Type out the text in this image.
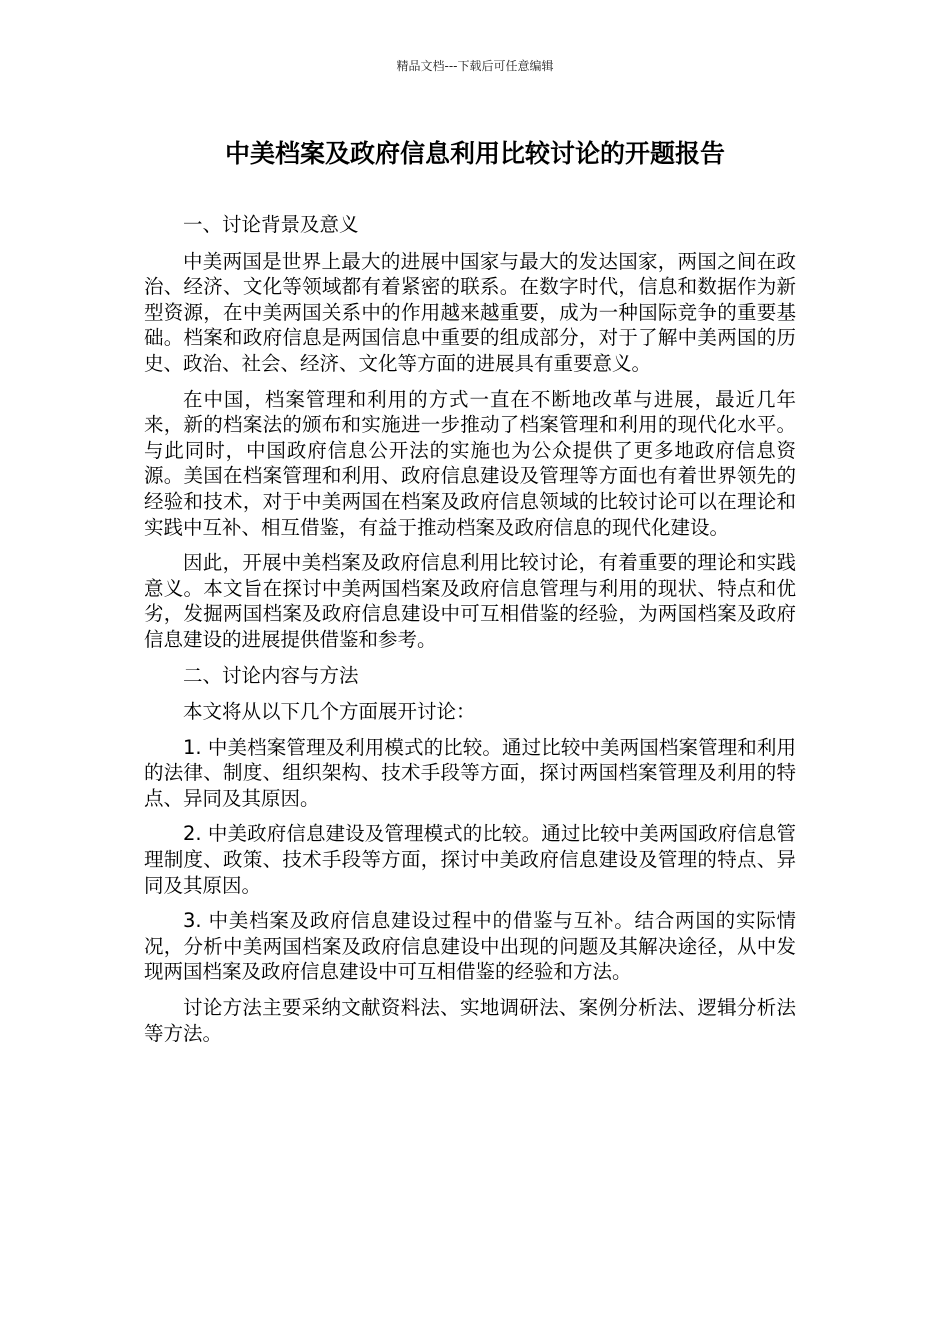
精品文档---下载后可任意编辑
中美档案及政府信息利用比较讨论的开题报告

一、讨论背景及意义

中美两国是世界上最大的进展中国家与最大的发达国家，两国之间在政治、经济、文化等领域都有着紧密的联系。在数字时代，信息和数据作为新型资源，在中美两国关系中的作用越来越重要，成为一种国际竞争的重要基础。档案和政府信息是两国信息中重要的组成部分，对于了解中美两国的历史、政治、社会、经济、文化等方面的进展具有重要意义。

在中国，档案管理和利用的方式一直在不断地改革与进展，最近几年来，新的档案法的颁布和实施进一步推动了档案管理和利用的现代化水平。与此同时，中国政府信息公开法的实施也为公众提供了更多地政府信息资源。美国在档案管理和利用、政府信息建设及管理等方面也有着世界领先的经验和技术，对于中美两国在档案及政府信息领域的比较讨论可以在理论和实践中互补、相互借鉴，有益于推动档案及政府信息的现代化建设。

因此，开展中美档案及政府信息利用比较讨论，有着重要的理论和实践意义。本文旨在探讨中美两国档案及政府信息管理与利用的现状、特点和优劣，发掘两国档案及政府信息建设中可互相借鉴的经验，为两国档案及政府信息建设的进展提供借鉴和参考。

二、讨论内容与方法

本文将从以下几个方面展开讨论：

1. 中美档案管理及利用模式的比较。通过比较中美两国档案管理和利用的法律、制度、组织架构、技术手段等方面，探讨两国档案管理及利用的特点、异同及其原因。

2. 中美政府信息建设及管理模式的比较。通过比较中美两国政府信息管理制度、政策、技术手段等方面，探讨中美政府信息建设及管理的特点、异同及其原因。

3. 中美档案及政府信息建设过程中的借鉴与互补。结合两国的实际情况，分析中美两国档案及政府信息建设中出现的问题及其解决途径，从中发现两国档案及政府信息建设中可互相借鉴的经验和方法。

讨论方法主要采纳文献资料法、实地调研法、案例分析法、逻辑分析法等方法。
